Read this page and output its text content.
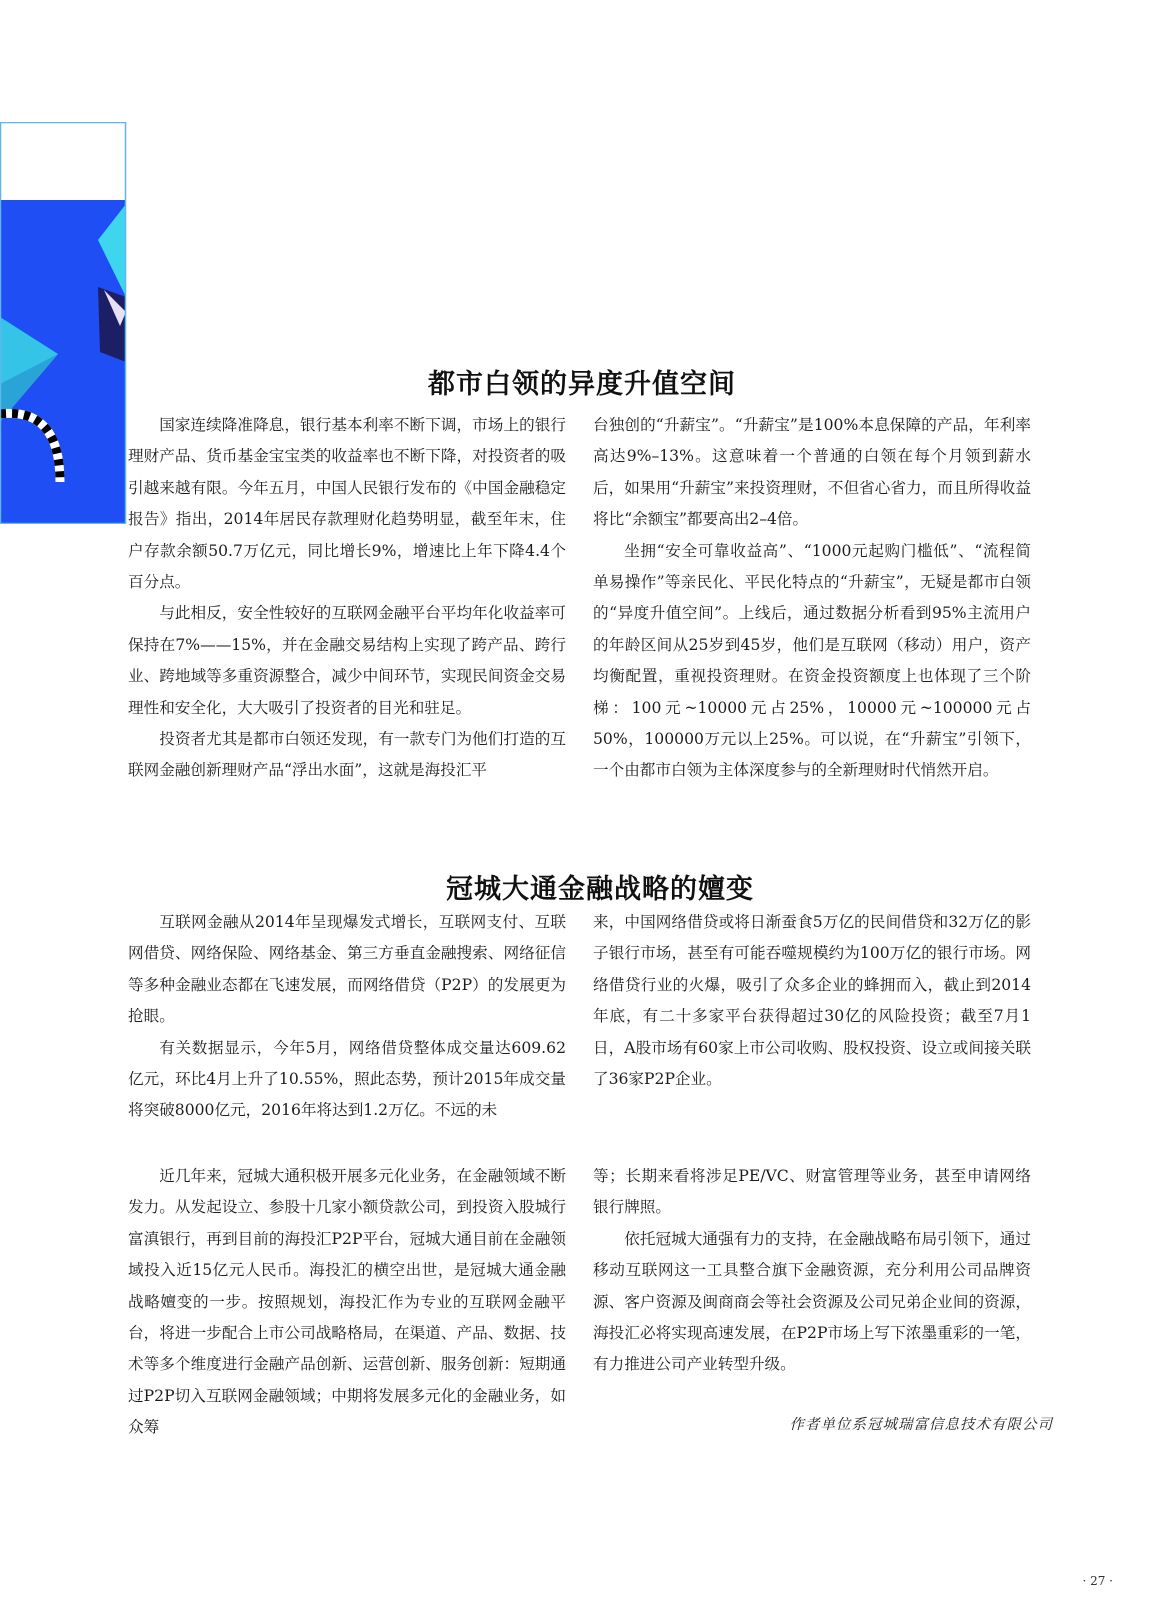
都市白领的异度升值空间

国家连续降准降息，银行基本利率不断下调，市场上的银行理财产品、货币基金宝宝类的收益率也不断下降，对投资者的吸引越来越有限。今年五月，中国人民银行发布的《中国金融稳定报告》指出，2014年居民存款理财化趋势明显，截至年末，住户存款余额50.7万亿元，同比增长9%，增速比上年下降4.4个百分点。

与此相反，安全性较好的互联网金融平台平均年化收益率可保持在7%——15%，并在金融交易结构上实现了跨产品、跨行业、跨地域等多重资源整合，减少中间环节，实现民间资金交易理性和安全化，大大吸引了投资者的目光和驻足。

投资者尤其是都市白领还发现，有一款专门为他们打造的互联网金融创新理财产品“浮出水面”，这就是海投汇平

台独创的“升薪宝”。“升薪宝”是100%本息保障的产品，年利率高达9%–13%。这意味着一个普通的白领在每个月领到薪水后，如果用“升薪宝”来投资理财，不但省心省力，而且所得收益将比“余额宝”都要高出2–4倍。

坐拥“安全可靠收益高”、“1000元起购门槛低”、“流程简单易操作”等亲民化、平民化特点的“升薪宝”，无疑是都市白领的“异度升值空间”。上线后，通过数据分析看到95%主流用户的年龄区间从25岁到45岁，他们是互联网（移动）用户，资产均衡配置，重视投资理财。在资金投资额度上也体现了三个阶梯：100元~10000元占25%，10000元~100000元占50%，100000万元以上25%。可以说，在“升薪宝”引领下，一个由都市白领为主体深度参与的全新理财时代悄然开启。

冠城大通金融战略的嬗变

互联网金融从2014年呈现爆发式增长，互联网支付、互联网借贷、网络保险、网络基金、第三方垂直金融搜索、网络征信等多种金融业态都在飞速发展，而网络借贷（P2P）的发展更为抢眼。

有关数据显示，今年5月，网络借贷整体成交量达609.62亿元，环比4月上升了10.55%，照此态势，预计2015年成交量将突破8000亿元，2016年将达到1.2万亿。不远的未

来，中国网络借贷或将日渐蚕食5万亿的民间借贷和32万亿的影子银行市场，甚至有可能吞噬规模约为100万亿的银行市场。网络借贷行业的火爆，吸引了众多企业的蜂拥而入，截止到2014年底，有二十多家平台获得超过30亿的风险投资；截至7月1日，A股市场有60家上市公司收购、股权投资、设立或间接关联了36家P2P企业。

近几年来，冠城大通积极开展多元化业务，在金融领域不断发力。从发起设立、参股十几家小额贷款公司，到投资入股城行富滇银行，再到目前的海投汇P2P平台，冠城大通目前在金融领域投入近15亿元人民币。海投汇的横空出世，是冠城大通金融战略嬗变的一步。按照规划，海投汇作为专业的互联网金融平台，将进一步配合上市公司战略格局，在渠道、产品、数据、技术等多个维度进行金融产品创新、运营创新、服务创新：短期通过P2P切入互联网金融领域；中期将发展多元化的金融业务，如众筹

等；长期来看将涉足PE/VC、财富管理等业务，甚至申请网络银行牌照。

依托冠城大通强有力的支持，在金融战略布局引领下，通过移动互联网这一工具整合旗下金融资源，充分利用公司品牌资源、客户资源及闽商商会等社会资源及公司兄弟企业间的资源，海投汇必将实现高速发展，在P2P市场上写下浓墨重彩的一笔，有力推进公司产业转型升级。

作者单位系冠城瑞富信息技术有限公司
· 27 ·
